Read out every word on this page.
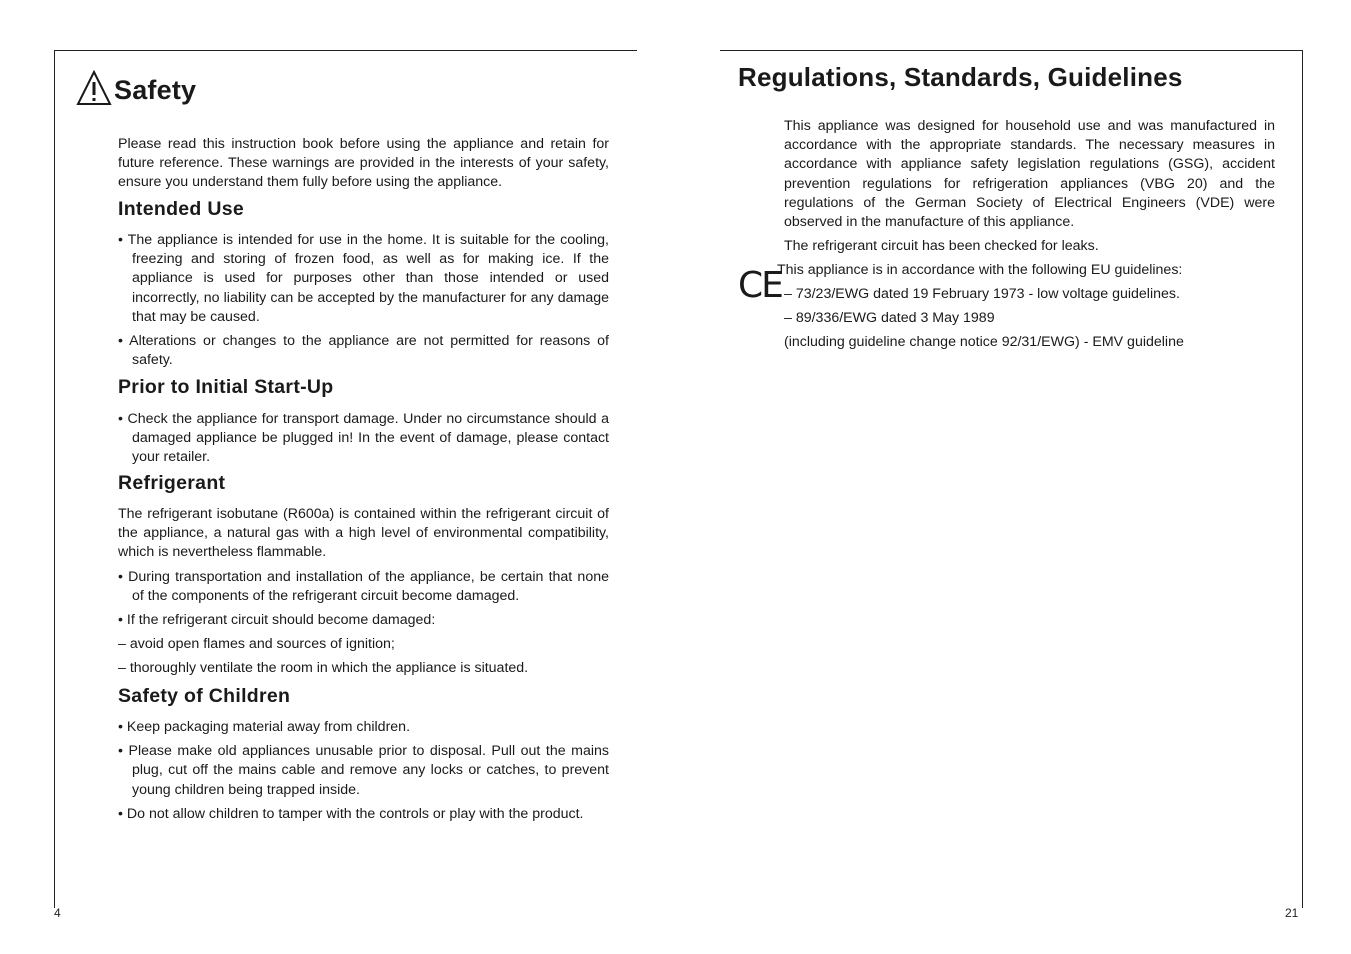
Safety

Please read this instruction book before using the appliance and retain for future reference. These warnings are provided in the interests of your safety, ensure you understand them fully before using the appliance.

Intended Use

• The appliance is intended for use in the home. It is suitable for the cooling, freezing and storing of frozen food, as well as for making ice. If the appliance is used for purposes other than those intended or used incorrectly, no liability can be accepted by the manufacturer for any damage that may be caused.

• Alterations or changes to the appliance are not permitted for reasons of safety.

Prior to Initial Start-Up

• Check the appliance for transport damage. Under no circumstance should a damaged appliance be plugged in! In the event of damage, please contact your retailer.

Refrigerant

The refrigerant isobutane (R600a) is contained within the refrigerant circuit of the appliance, a natural gas with a high level of environmental compatibility, which is nevertheless flammable.

• During transportation and installation of the appliance, be certain that none of the components of the refrigerant circuit become damaged.

• If the refrigerant circuit should become damaged:

– avoid open flames and sources of ignition;

– thoroughly ventilate the room in which the appliance is situated.

Safety of Children

• Keep packaging material away from children.

• Please make old appliances unusable prior to disposal. Pull out the mains plug, cut off the mains cable and remove any locks or catches, to prevent young children being trapped inside.

• Do not allow children to tamper with the controls or play with the product.

4
Regulations, Standards, Guidelines

This appliance was designed for household use and was manufactured in accordance with the appropriate standards. The necessary measures in accordance with appliance safety legislation regulations (GSG), accident prevention regulations for refrigeration appliances (VBG 20) and the regulations of the German Society of Electrical Engineers (VDE) were observed in the manufacture of this appliance.

The refrigerant circuit has been checked for leaks.

CE

This appliance is in accordance with the following EU guidelines:

– 73/23/EWG dated 19 February 1973 - low voltage guidelines.

– 89/336/EWG dated 3 May 1989

(including guideline change notice 92/31/EWG) - EMV guideline

21
